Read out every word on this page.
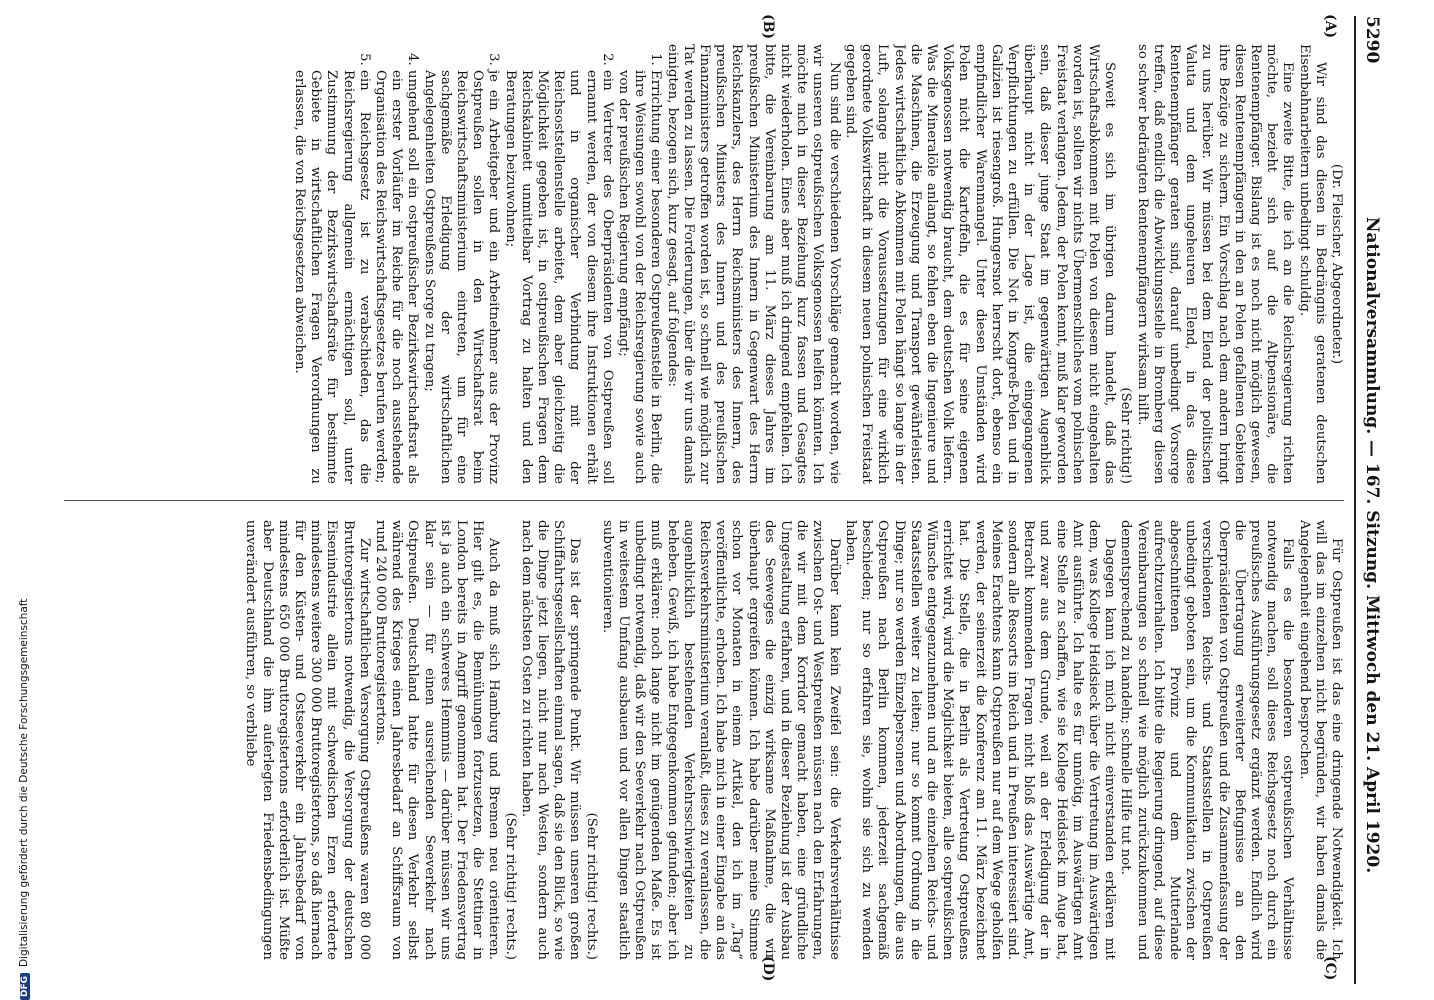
DFGDigitalisierung gefördert durch die Deutsche Forschungsgemeinschaft
5290
Nationalversammlung. — 167. Sitzung. Mittwoch den 21. April 1920.
(A)
(B)
(C)
(D)

(Dr. Fleischer, Abgeordneter.)

Wir sind das diesen in Bedrängnis geratenen deutschen Eisenbahnarbeitern unbedingt schuldig.

Eine zweite Bitte, die ich an die Reichsregierung richten möchte, bezieht sich auf die Altpensionäre, die Rentenempfänger. Bislang ist es noch nicht möglich gewesen, diesen Rentenempfängern in den an Polen gefallenen Gebieten ihre Bezüge zu sichern. Ein Vorschlag nach dem andern bringt zu uns herüber. Wir müssen bei dem Elend der politischen Valuta und dem ungeheuren Elend, in das diese Rentenempfänger geraten sind, darauf unbedingt Vorsorge treffen, daß endlich die Abwicklungsstelle in Bromberg diesen so schwer bedrängten Rentenempfängern wirksam hilft.

(Sehr richtig!)

Soweit es sich im übrigen darum handelt, daß das Wirtschaftsabkommen mit Polen von diesem nicht eingehalten worden ist, sollten wir nichts Übermenschliches vom polnischen Freistaat verlangen. Jedem, der Polen kennt, muß klar geworden sein, daß dieser junge Staat im gegenwärtigen Augenblick überhaupt nicht in der Lage ist, die eingegangenen Verpflichtungen zu erfüllen. Die Not in Kongreß-Polen und in Galizien ist riesengroß. Hungersnot herrscht dort, ebenso ein empfindlicher Warenmangel. Unter diesen Umständen wird Polen nicht die Kartoffeln, die es für seine eigenen Volksgenossen notwendig braucht, dem deutschen Volk liefern. Was die Mineralöle anlangt, so fehlen eben die Ingenieure und die Maschinen, die Erzeugung und Transport gewährleisten. Jedes wirtschaftliche Abkommen mit Polen hängt so lange in der Luft, solange nicht die Voraussetzungen für eine wirklich geordnete Volkswirtschaft in diesem neuen polnischen Freistaat gegeben sind.

Nun sind die verschiedenen Vorschläge gemacht worden, wie wir unseren ostpreußischen Volksgenossen helfen könnten. Ich möchte mich in dieser Beziehung kurz fassen und Gesagtes nicht wiederholen. Eines aber muß ich dringend empfehlen. Ich bitte, die Vereinbarung am 11. März dieses Jahres im preußischen Ministerium des Innern in Gegenwart des Herrn Reichskanzlers, des Herrn Reichsministers des Innern, des preußischen Ministers des Innern und des preußischen Finanzministers getroffen worden ist, so schnell wie möglich zur Tat werden zu lassen. Die Forderungen, über die wir uns damals einigten, bezogen sich, kurz gesagt, auf folgendes:

1. Errichtung einer besonderen Ostpreußenstelle in Berlin, die ihre Weisungen sowohl von der Reichsregierung sowie auch von der preußischen Regierung empfängt;
2. ein Vertreter des Oberpräsidenten von Ostpreußen soll ernannt werden, der von diesem ihre Instruktionen erhält und in organischer Verbindung mit der Reichsoststellenstelle arbeitet, dem aber gleichzeitig die Möglichkeit gegeben ist, in ostpreußischen Fragen dem Reichskabinett unmittelbar Vortrag zu halten und den Beratungen beizuwohnen;
3. je ein Arbeitgeber und ein Arbeitnehmer aus der Provinz Ostpreußen sollen in den Wirtschaftsrat beim Reichswirtschaftsministerium eintreten, um für eine sachgemäße Erledigung der wirtschaftlichen Angelegenheiten Ostpreußens Sorge zu tragen;
4. umgehend soll ein ostpreußischer Bezirkswirtschaftsrat als ein erster Vorläufer im Reiche für die noch ausstehende Organisation des Reichswirtschaftsgesetzes berufen werden;
5. ein Reichsgesetz ist zu verabschieden, das die Reichsregierung allgemein ermächtigen soll, unter Zustimmung der Bezirkswirtschaftsräte für bestimmte Gebiete in wirtschaftlichen Fragen Verordnungen zu erlassen, die von Reichsgesetzen abweichen.

Für Ostpreußen ist das eine dringende Notwendigkeit. Ich will das im einzelnen nicht begründen, wir haben damals die Angelegenheit eingehend besprochen.

Falls es die besonderen ostpreußischen Verhältnisse notwendig machen, soll dieses Reichsgesetz noch durch ein preußisches Ausführungsgesetz ergänzt werden. Endlich wird die Übertragung erweiterter Befugnisse an den Oberpräsidenten von Ostpreußen und die Zusammenfassung der verschiedenen Reichs- und Staatsstellen in Ostpreußen unbedingt geboten sein, um die Kommunikation zwischen der abgeschnittenen Provinz und dem Mutterlande aufrechtzuerhalten. Ich bitte die Regierung dringend, auf diese Vereinbarungen so schnell wie möglich zurückzukommen und dementsprechend zu handeln; schnelle Hilfe tut not.

Dagegen kann ich mich nicht einverstanden erklären mit dem, was Kollege Heidsieck über die Vertretung im Auswärtigen Amt ausführte. Ich halte es für unnötig, im Auswärtigen Amt eine Stelle zu schaffen, wie sie Kollege Heidsieck im Auge hat, und zwar aus dem Grunde, weil an der Erledigung der in Betracht kommenden Fragen nicht bloß das Auswärtige Amt, sondern alle Ressorts im Reich und in Preußen interessiert sind. Meines Erachtens kann Ostpreußen nur auf dem Wege geholfen werden, der seinerzeit die Konferenz am 11. März bezeichnet hat. Die Stelle, die in Berlin als Vertretung Ostpreußens errichtet wird, wird die Möglichkeit bieten, alle ostpreußischen Wünsche entgegenzunehmen und an die einzelnen Reichs- und Staatsstellen weiter zu leiten; nur so kommt Ordnung in die Dinge; nur so werden Einzelpersonen und Abordnungen, die aus Ostpreußen nach Berlin kommen, jederzeit sachgemäß beschieden; nur so erfahren sie, wohin sie sich zu wenden haben.

Darüber kann kein Zweifel sein: die Verkehrsverhältnisse zwischen Ost- und Westpreußen müssen nach den Erfahrungen, die wir mit dem Korridor gemacht haben, eine gründliche Umgestaltung erfahren, und in dieser Beziehung ist der Ausbau des Seeweges die einzig wirksame Maßnahme, die wir überhaupt ergreifen können. Ich habe darüber meine Stimme schon vor Monaten in einem Artikel, den ich im „Tag“ veröffentlichte, erhoben. Ich habe mich in einer Eingabe an das Reichsverkehrsministerium veranlaßt, dieses zu veranlassen, die augenblicklich bestehenden Verkehrsschwierigkeiten zu beheben. Gewiß, ich habe Entgegenkommen gefunden; aber ich muß erklären: noch lange nicht im genügenden Maße. Es ist unbedingt notwendig, daß wir den Seeverkehr nach Ostpreußen in weitestem Umfang ausbauen und vor allen Dingen staatlich subventionieren.

(Sehr richtig! rechts.)

Das ist der springende Punkt. Wir müssen unseren großen Schiffahrtsgesellschaften einmal sagen, daß sie den Blick, so wie die Dinge jetzt liegen, nicht nur nach Westen, sondern auch nach dem nächsten Osten zu richten haben.

(Sehr richtig! rechts.)

Auch da muß sich Hamburg und Bremen neu orientieren. Hier gilt es, die Bemühungen fortzusetzen, die Stettiner in London bereits in Angriff genommen hat. Der Friedensvertrag ist ja auch ein schweres Hemmnis — darüber müssen wir uns klar sein — für einen ausreichenden Seeverkehr nach Ostpreußen. Deutschland hatte für diesen Verkehr selbst während des Krieges einen Jahresbedarf an Schiffsraum von rund 240 000 Bruttoregistertons.

Zur wirtschaftlichen Versorgung Ostpreußens waren 80 000 Bruttoregistertons notwendig, die Versorgung der deutschen Eisenindustrie allein mit schwedischen Erzen erforderte mindestens weitere 300 000 Bruttoregistertons, so daß hiernach für den Küsten- und Ostseeverkehr ein Jahresbedarf von mindestens 650 000 Bruttoregistertons erforderlich ist. Müßte aber Deutschland die ihm auferlegten Friedensbedingungen unverändert ausführen, so verbliebe
